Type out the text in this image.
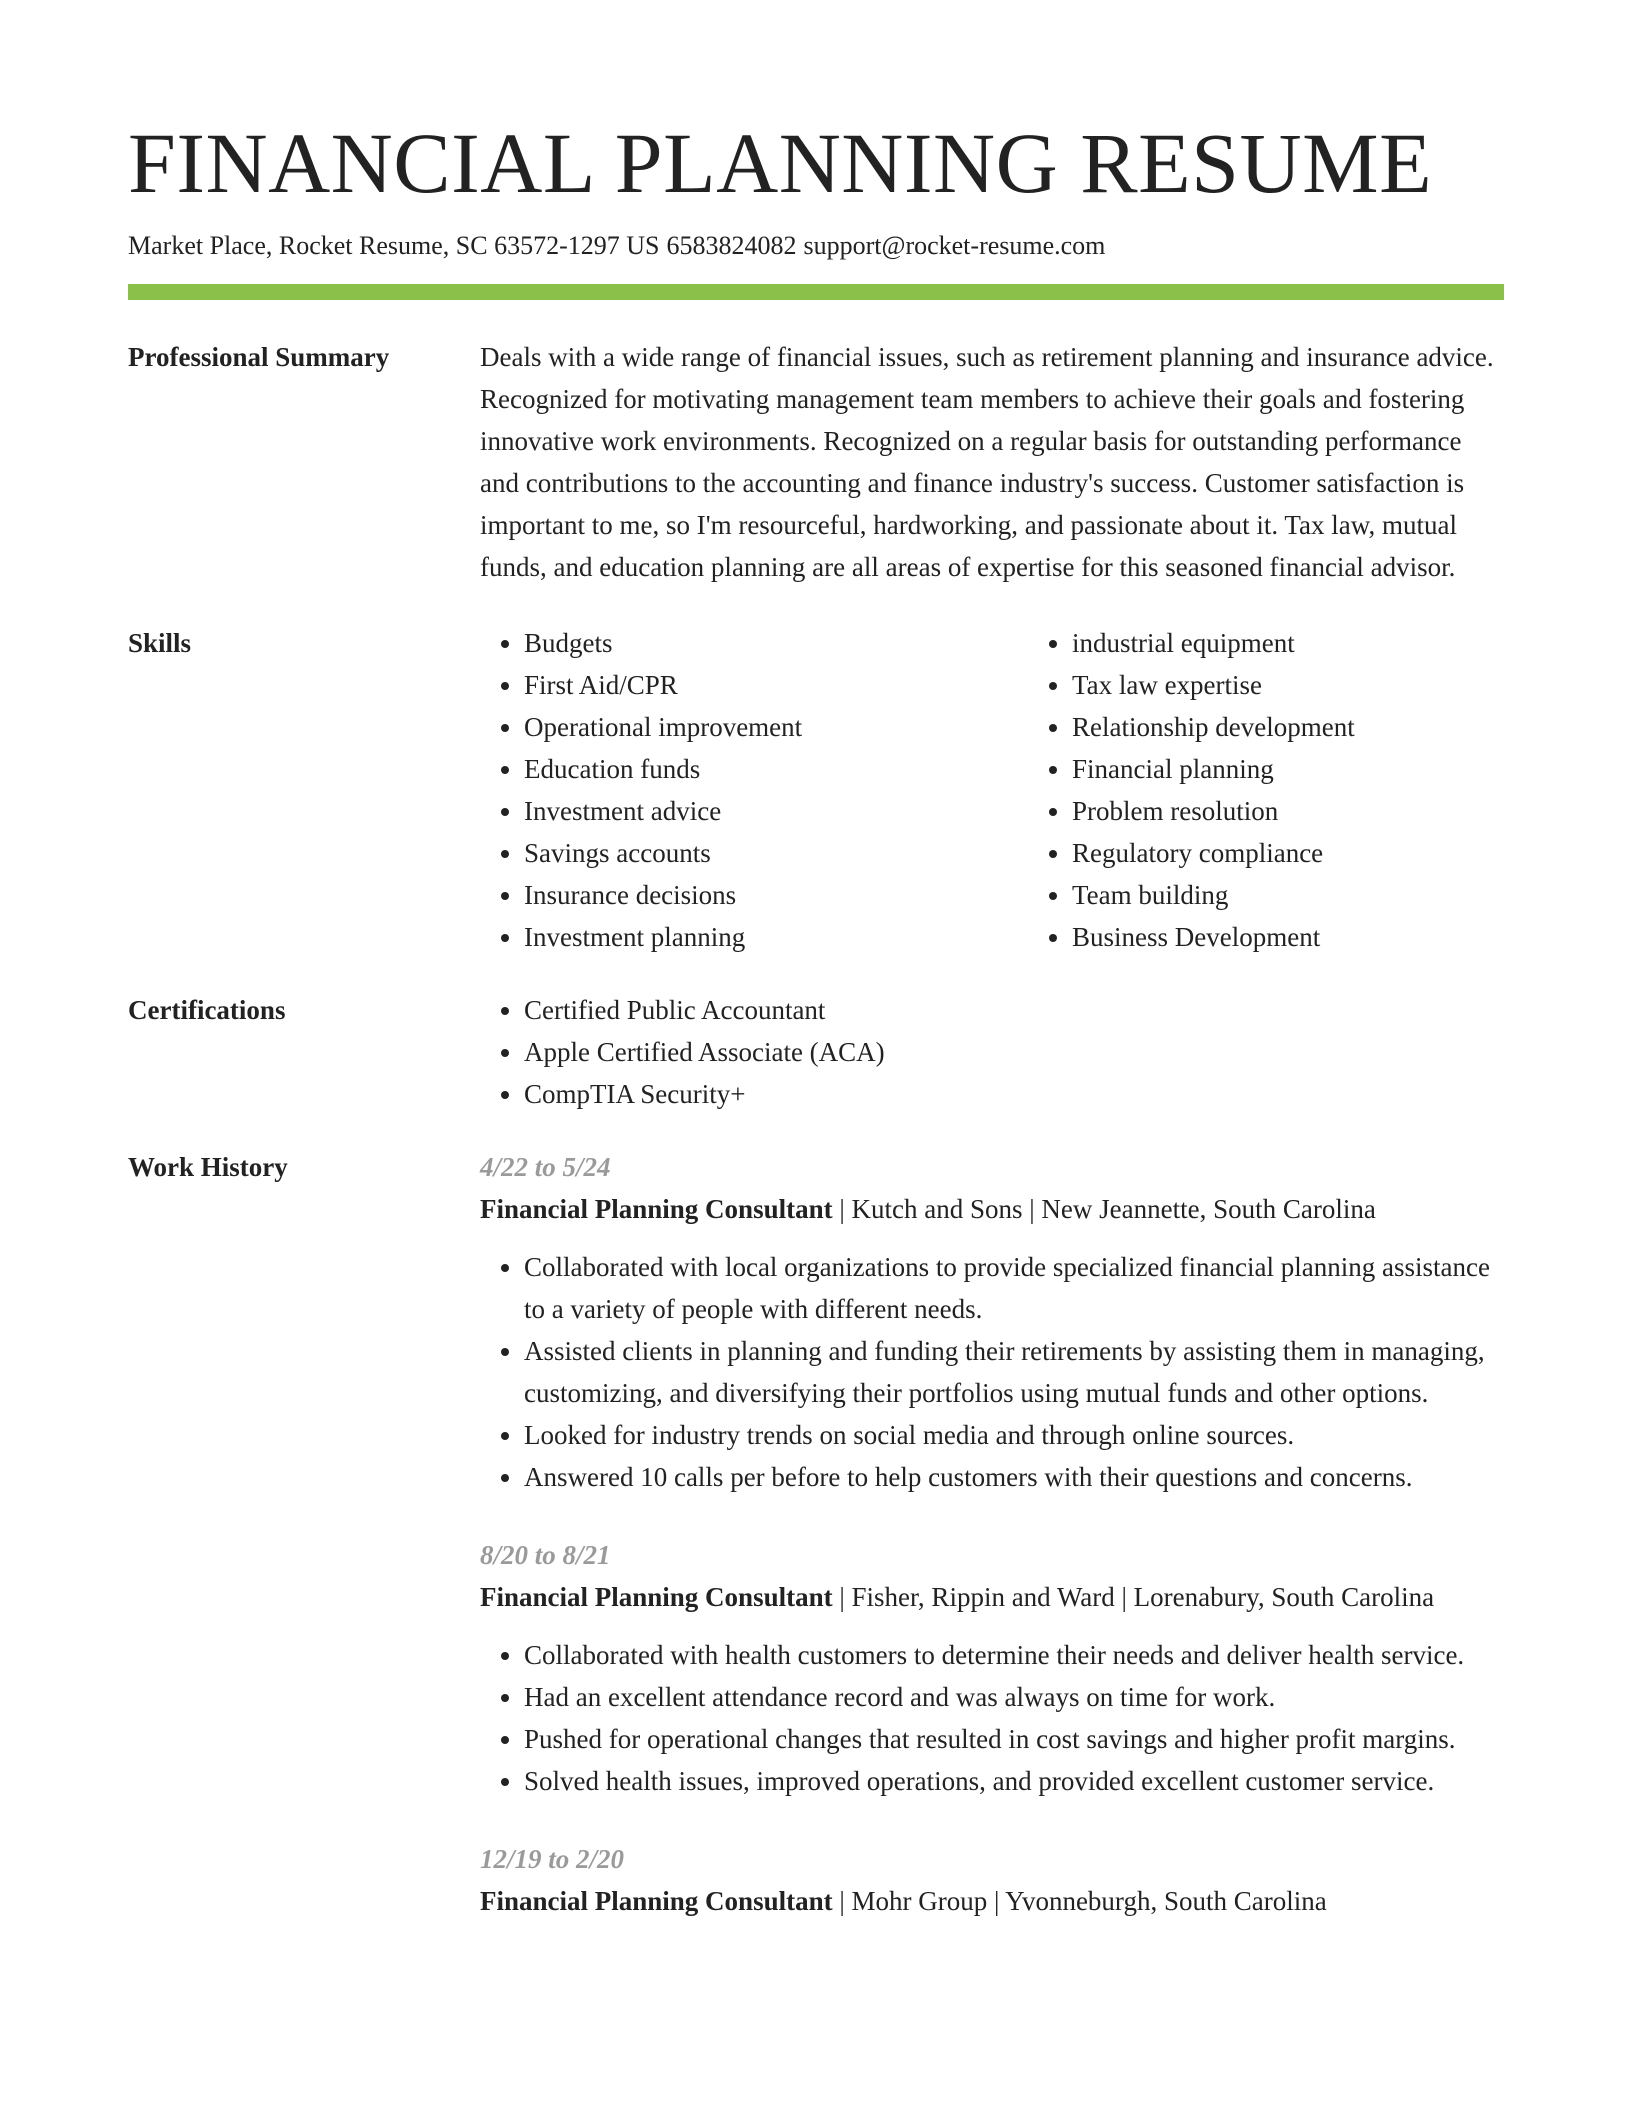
FINANCIAL PLANNING RESUME
Market Place, Rocket Resume, SC 63572-1297 US 6583824082 support@rocket-resume.com
Professional Summary	Deals with a wide range of financial issues, such as retirement planning and insurance advice. Recognized for motivating management team members to achieve their goals and fostering innovative work environments. Recognized on a regular basis for outstanding performance and contributions to the accounting and finance industry's success. Customer satisfaction is important to me, so I'm resourceful, hardworking, and passionate about it. Tax law, mutual funds, and education planning are all areas of expertise for this seasoned financial advisor.

Skills	• Budgets
• First Aid/CPR
• Operational improvement
• Education funds
• Investment advice
• Savings accounts
• Insurance decisions
• Investment planning
• industrial equipment
• Tax law expertise
• Relationship development
• Financial planning
• Problem resolution
• Regulatory compliance
• Team building
• Business Development
Certifications	• Certified Public Accountant
• Apple Certified Associate (ACA)
• CompTIA Security+
Work History	4/22 to 5/24
Financial Planning Consultant | Kutch and Sons | New Jeannette, South Carolina
• Collaborated with local organizations to provide specialized financial planning assistance to a variety of people with different needs.
• Assisted clients in planning and funding their retirements by assisting them in managing, customizing, and diversifying their portfolios using mutual funds and other options.
• Looked for industry trends on social media and through online sources.
• Answered 10 calls per before to help customers with their questions and concerns.
8/20 to 8/21
Financial Planning Consultant | Fisher, Rippin and Ward | Lorenabury, South Carolina
• Collaborated with health customers to determine their needs and deliver health service.
• Had an excellent attendance record and was always on time for work.
• Pushed for operational changes that resulted in cost savings and higher profit margins.
• Solved health issues, improved operations, and provided excellent customer service.
12/19 to 2/20
Financial Planning Consultant | Mohr Group | Yvonneburgh, South Carolina
